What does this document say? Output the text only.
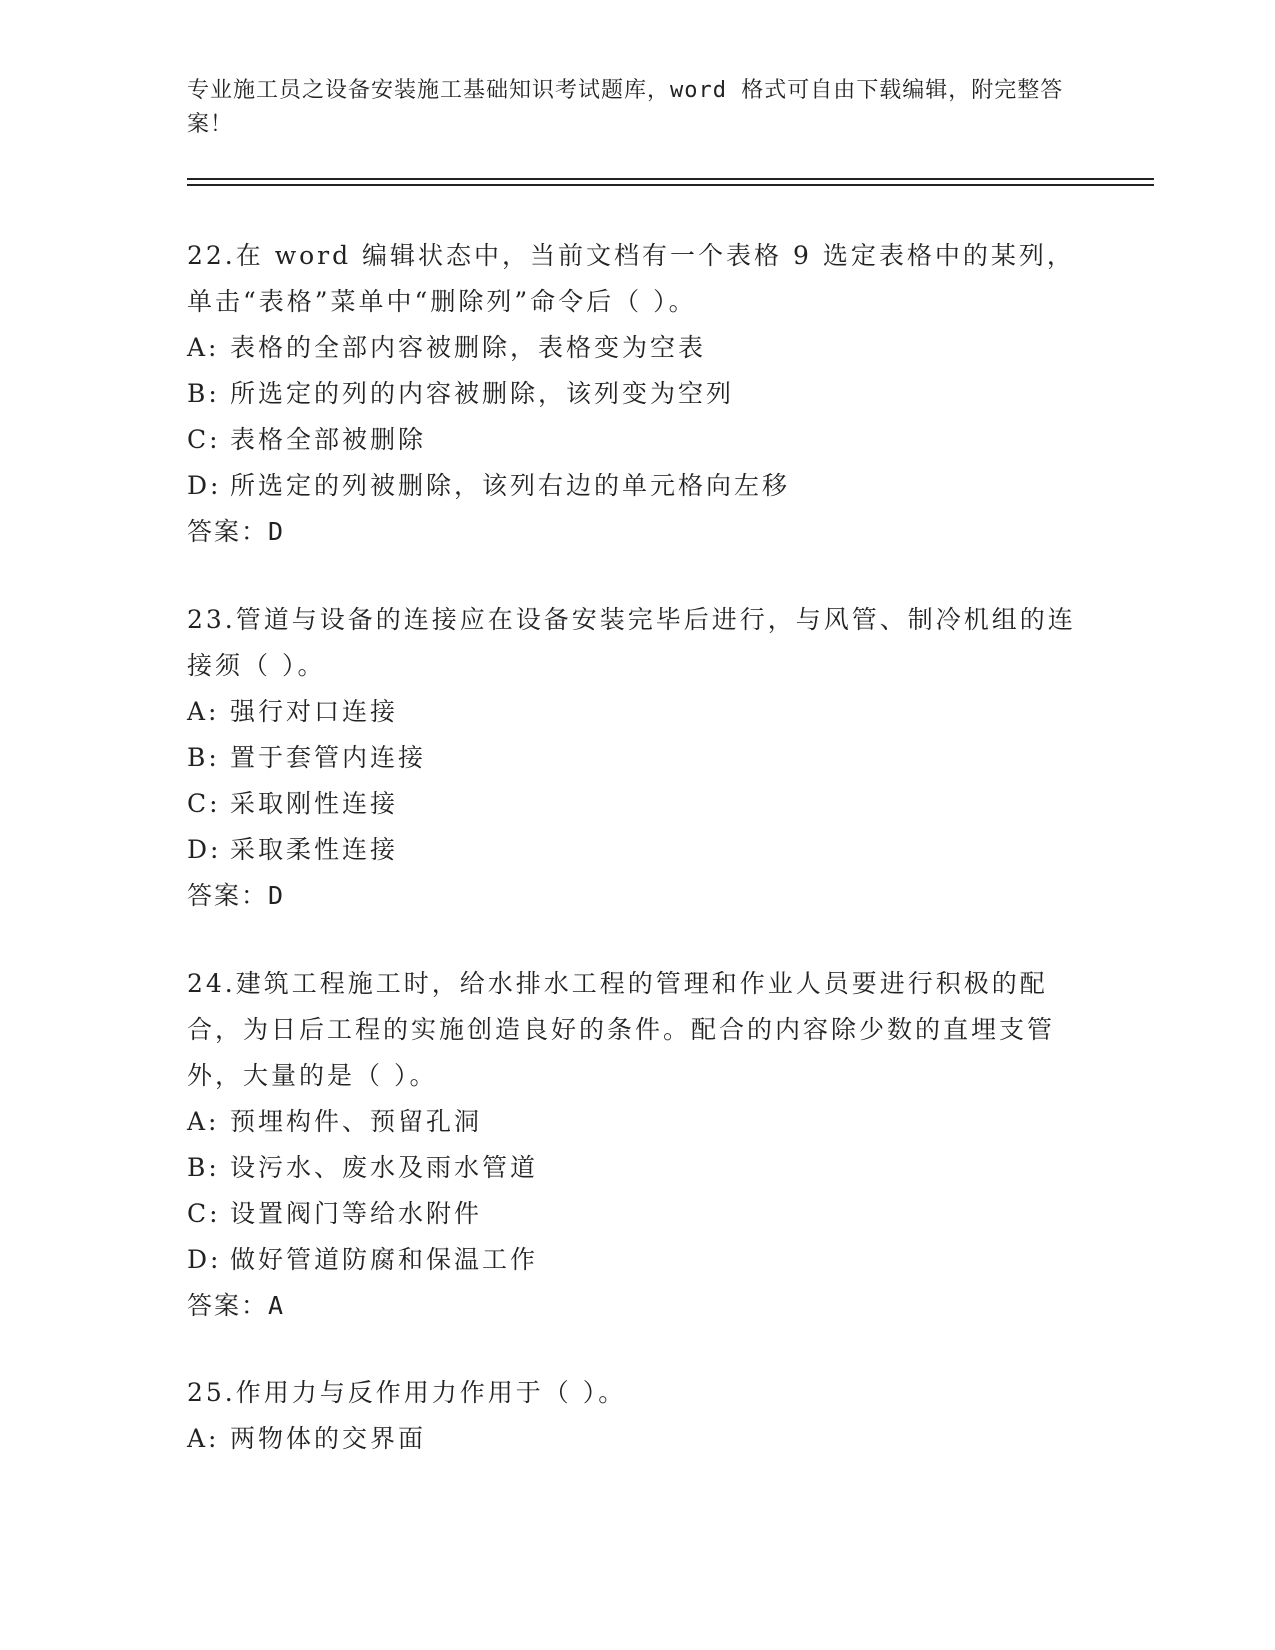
专业施工员之设备安装施工基础知识考试题库，word 格式可自由下载编辑，附完整答案！

22.在 word 编辑状态中，当前文档有一个表格 9 选定表格中的某列，单击“表格”菜单中“删除列”命令后（ ）。

A: 表格的全部内容被删除，表格变为空表

B: 所选定的列的内容被删除，该列变为空列

C: 表格全部被删除

D: 所选定的列被删除，该列右边的单元格向左移

答案：D

23.管道与设备的连接应在设备安装完毕后进行，与风管、制冷机组的连接须（ ）。

A: 强行对口连接

B: 置于套管内连接

C: 采取刚性连接

D: 采取柔性连接

答案：D

24.建筑工程施工时，给水排水工程的管理和作业人员要进行积极的配合，为日后工程的实施创造良好的条件。配合的内容除少数的直埋支管外，大量的是（ ）。

A: 预埋构件、预留孔洞

B: 设污水、废水及雨水管道

C: 设置阀门等给水附件

D: 做好管道防腐和保温工作

答案：A

25.作用力与反作用力作用于（ ）。

A: 两物体的交界面
